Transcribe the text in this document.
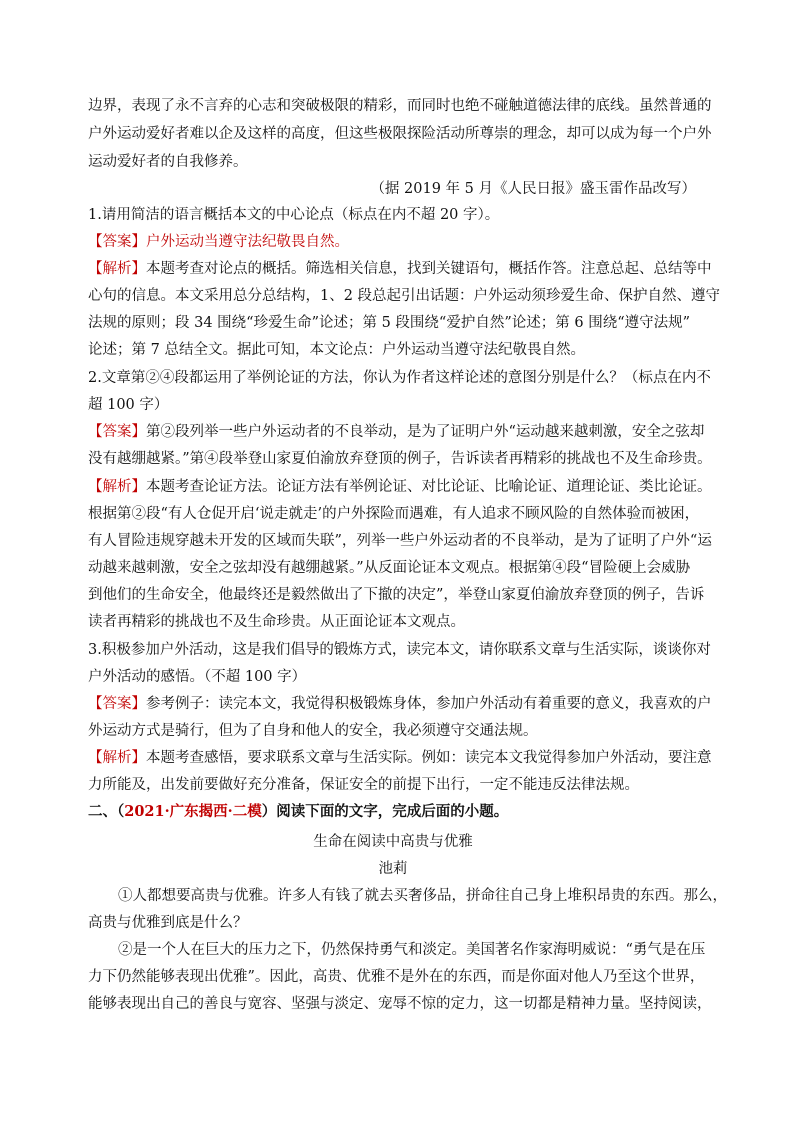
边界，表现了永不言弃的心志和突破极限的精彩，而同时也绝不碰触道德法律的底线。虽然普通的
户外运动爱好者难以企及这样的高度，但这些极限探险活动所尊崇的理念，却可以成为每一个户外
运动爱好者的自我修养。
（据 2019 年 5 月《人民日报》盛玉雷作品改写）
1.请用简洁的语言概括本文的中心论点（标点在内不超 20 字）。
【答案】户外运动当遵守法纪敬畏自然。
【解析】本题考查对论点的概括。筛选相关信息，找到关键语句，概括作答。注意总起、总结等中
心句的信息。本文采用总分总结构，1、2 段总起引出话题：户外运动须珍爱生命、保护自然、遵守
法规的原则；段 34 围绕“珍爱生命”论述；第 5 段围绕“爱护自然”论述；第 6 围绕“遵守法规”
论述；第 7 总结全文。据此可知，本文论点：户外运动当遵守法纪敬畏自然。
2.文章第②④段都运用了举例论证的方法，你认为作者这样论述的意图分别是什么？（标点在内不
超 100 字）
【答案】第②段列举一些户外运动者的不良举动，是为了证明户外“运动越来越刺激，安全之弦却
没有越绷越紧。”第④段举登山家夏伯渝放弃登顶的例子，告诉读者再精彩的挑战也不及生命珍贵。
【解析】本题考查论证方法。论证方法有举例论证、对比论证、比喻论证、道理论证、类比论证。
根据第②段“有人仓促开启‘说走就走’的户外探险而遇难，有人追求不顾风险的自然体验而被困，
有人冒险违规穿越未开发的区域而失联”，列举一些户外运动者的不良举动，是为了证明了户外“运
动越来越刺激，安全之弦却没有越绷越紧。”从反面论证本文观点。根据第④段“冒险硬上会威胁
到他们的生命安全，他最终还是毅然做出了下撤的决定”，举登山家夏伯渝放弃登顶的例子，告诉
读者再精彩的挑战也不及生命珍贵。从正面论证本文观点。
3.积极参加户外活动，这是我们倡导的锻炼方式，读完本文，请你联系文章与生活实际，谈谈你对
户外活动的感悟。（不超 100 字）
【答案】参考例子：读完本文，我觉得积极锻炼身体，参加户外活动有着重要的意义，我喜欢的户
外运动方式是骑行，但为了自身和他人的安全，我必须遵守交通法规。
【解析】本题考查感悟，要求联系文章与生活实际。例如：读完本文我觉得参加户外活动，要注意
力所能及，出发前要做好充分准备，保证安全的前提下出行，一定不能违反法律法规。
二、（2021·广东揭西·二模）阅读下面的文字，完成后面的小题。
生命在阅读中高贵与优雅
池莉
①人都想要高贵与优雅。许多人有钱了就去买奢侈品，拼命往自己身上堆积昂贵的东西。那么，
高贵与优雅到底是什么？
②是一个人在巨大的压力之下，仍然保持勇气和淡定。美国著名作家海明威说：“勇气是在压
力下仍然能够表现出优雅”。因此，高贵、优雅不是外在的东西，而是你面对他人乃至这个世界，
能够表现出自己的善良与宽容、坚强与淡定、宠辱不惊的定力，这一切都是精神力量。坚持阅读，
